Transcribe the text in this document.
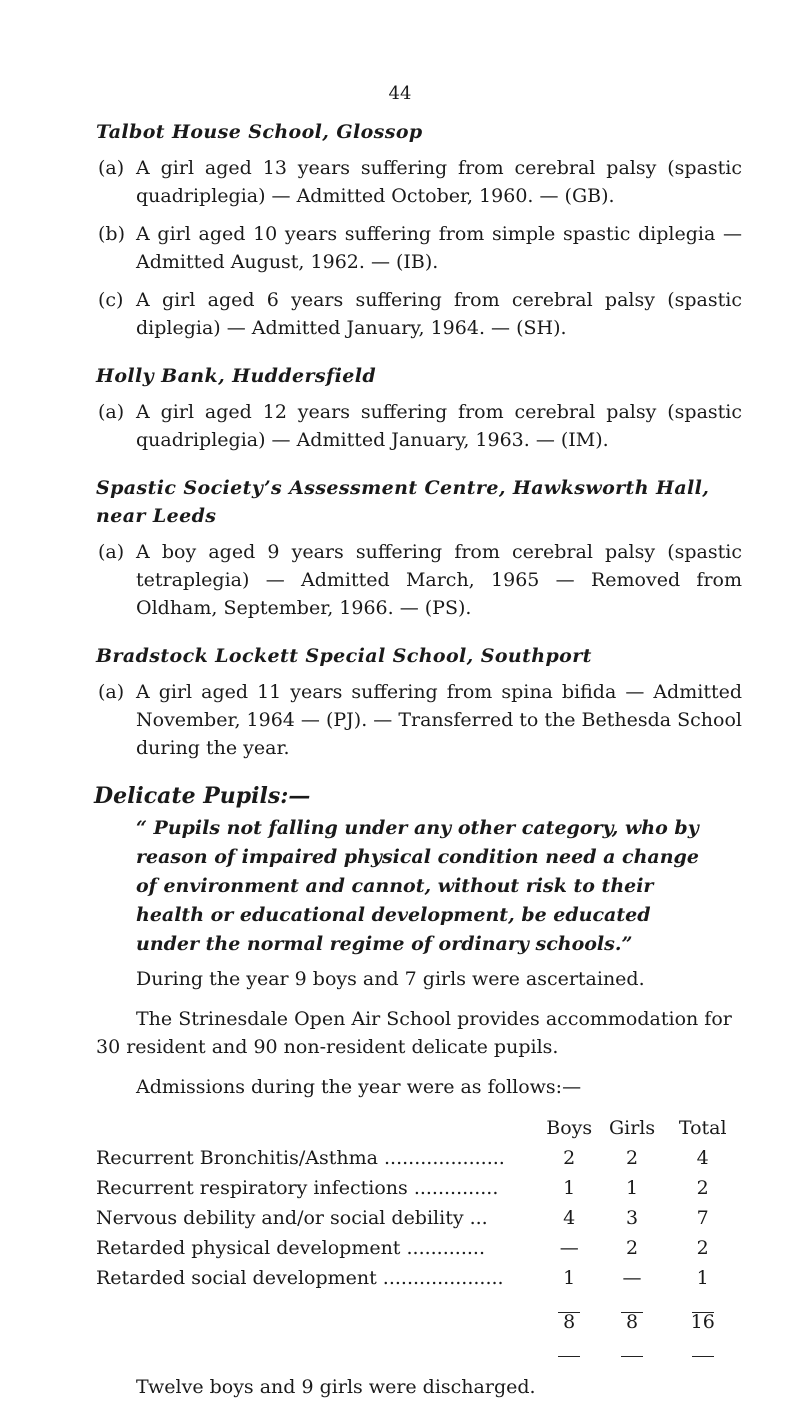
44
Talbot House School, Glossop
(a) A girl aged 13 years suffering from cerebral palsy (spastic quadriplegia) — Admitted October, 1960. — (GB).
(b) A girl aged 10 years suffering from simple spastic diplegia — Admitted August, 1962. — (IB).
(c) A girl aged 6 years suffering from cerebral palsy (spastic diplegia) — Admitted January, 1964. — (SH).
Holly Bank, Huddersfield
(a) A girl aged 12 years suffering from cerebral palsy (spastic quadriplegia) — Admitted January, 1963. — (IM).
Spastic Society’s Assessment Centre, Hawksworth Hall, near Leeds
(a) A boy aged 9 years suffering from cerebral palsy (spastic tetraplegia) — Admitted March, 1965 — Removed from Oldham, September, 1966. — (PS).
Bradstock Lockett Special School, Southport
(a) A girl aged 11 years suffering from spina bifida — Admitted November, 1964 — (PJ). — Transferred to the Bethesda School during the year.
Delicate Pupils:—
“ Pupils not falling under any other category, who by reason of impaired physical condition need a change of environment and cannot, without risk to their health or educational development, be educated under the normal regime of ordinary schools.”
During the year 9 boys and 7 girls were ascertained.
The Strinesdale Open Air School provides accommodation for 30 resident and 90 non-resident delicate pupils.
Admissions during the year were as follows:—
Boys Girls	Total
Recurrent Bronchitis/Asthma ....................	2	2	4
Recurrent respiratory infections ..............	1	1	2
Nervous debility and/or social debility ...	4	3	7
Retarded physical development .............	—	2	2
Retarded social development ....................	1	—	1
8	8	16
Twelve boys and 9 girls were discharged.
